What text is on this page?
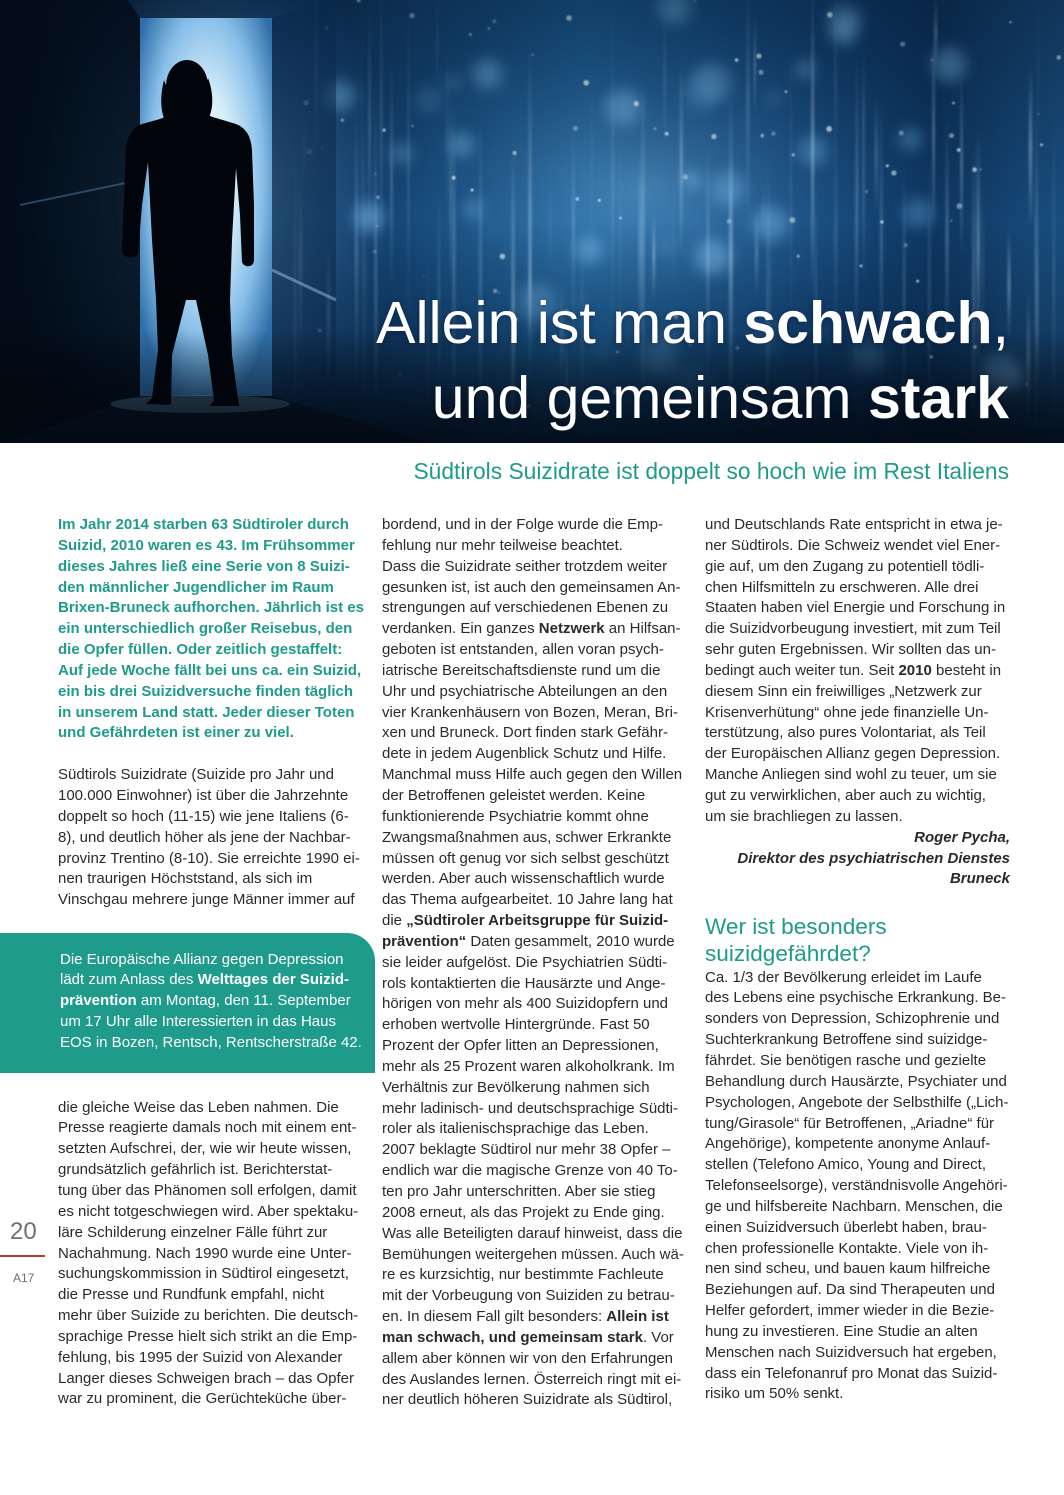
Allein ist man schwach,
und gemeinsam stark
Südtirols Suizidrate ist doppelt so hoch wie im Rest Italiens
Im Jahr 2014 starben 63 Südtiroler durch
Suizid, 2010 waren es 43. Im Frühsommer
dieses Jahres ließ eine Serie von 8 Suizi-
den männlicher Jugendlicher im Raum
Brixen-Bruneck aufhorchen. Jährlich ist es
ein unterschiedlich großer Reisebus, den
die Opfer füllen. Oder zeitlich gestaffelt:
Auf jede Woche fällt bei uns ca. ein Suizid,
ein bis drei Suizidversuche finden täglich
in unserem Land statt. Jeder dieser Toten
und Gefährdeten ist einer zu viel.
Südtirols Suizidrate (Suizide pro Jahr und
100.000 Einwohner) ist über die Jahrzehnte
doppelt so hoch (11-15) wie jene Italiens (6-
8), und deutlich höher als jene der Nachbar-
provinz Trentino (8-10). Sie erreichte 1990 ei-
nen traurigen Höchststand, als sich im
Vinschgau mehrere junge Männer immer auf
Die Europäische Allianz gegen Depression
lädt zum Anlass des Welttages der Suizid-
prävention am Montag, den 11. September
um 17 Uhr alle Interessierten in das Haus
EOS in Bozen, Rentsch, Rentscherstraße 42.
die gleiche Weise das Leben nahmen. Die
Presse reagierte damals noch mit einem ent-
setzten Aufschrei, der, wie wir heute wissen,
grundsätzlich gefährlich ist. Berichterstat-
tung über das Phänomen soll erfolgen, damit
es nicht totgeschwiegen wird. Aber spektaku-
läre Schilderung einzelner Fälle führt zur
Nachahmung. Nach 1990 wurde eine Unter-
suchungskommission in Südtirol eingesetzt,
die Presse und Rundfunk empfahl, nicht
mehr über Suizide zu berichten. Die deutsch-
sprachige Presse hielt sich strikt an die Emp-
fehlung, bis 1995 der Suizid von Alexander
Langer dieses Schweigen brach – das Opfer
war zu prominent, die Gerüchteküche über-
bordend, und in der Folge wurde die Emp-
fehlung nur mehr teilweise beachtet.
Dass die Suizidrate seither trotzdem weiter
gesunken ist, ist auch den gemeinsamen An-
strengungen auf verschiedenen Ebenen zu
verdanken. Ein ganzes Netzwerk an Hilfsan-
geboten ist entstanden, allen voran psych-
iatrische Bereitschaftsdienste rund um die
Uhr und psychiatrische Abteilungen an den
vier Krankenhäusern von Bozen, Meran, Bri-
xen und Bruneck. Dort finden stark Gefähr-
dete in jedem Augenblick Schutz und Hilfe.
Manchmal muss Hilfe auch gegen den Willen
der Betroffenen geleistet werden. Keine
funktionierende Psychiatrie kommt ohne
Zwangsmaßnahmen aus, schwer Erkrankte
müssen oft genug vor sich selbst geschützt
werden. Aber auch wissenschaftlich wurde
das Thema aufgearbeitet. 10 Jahre lang hat
die „Südtiroler Arbeitsgruppe für Suizid-
prävention“ Daten gesammelt, 2010 wurde
sie leider aufgelöst. Die Psychiatrien Südti-
rols kontaktierten die Hausärzte und Ange-
hörigen von mehr als 400 Suizidopfern und
erhoben wertvolle Hintergründe. Fast 50
Prozent der Opfer litten an Depressionen,
mehr als 25 Prozent waren alkoholkrank. Im
Verhältnis zur Bevölkerung nahmen sich
mehr ladinisch- und deutschsprachige Südti-
roler als italienischsprachige das Leben.
2007 beklagte Südtirol nur mehr 38 Opfer –
endlich war die magische Grenze von 40 To-
ten pro Jahr unterschritten. Aber sie stieg
2008 erneut, als das Projekt zu Ende ging.
Was alle Beteiligten darauf hinweist, dass die
Bemühungen weitergehen müssen. Auch wä-
re es kurzsichtig, nur bestimmte Fachleute
mit der Vorbeugung von Suiziden zu betrau-
en. In diesem Fall gilt besonders: Allein ist
man schwach, und gemeinsam stark. Vor
allem aber können wir von den Erfahrungen
des Auslandes lernen. Österreich ringt mit ei-
ner deutlich höheren Suizidrate als Südtirol,
und Deutschlands Rate entspricht in etwa je-
ner Südtirols. Die Schweiz wendet viel Ener-
gie auf, um den Zugang zu potentiell tödli-
chen Hilfsmitteln zu erschweren. Alle drei
Staaten haben viel Energie und Forschung in
die Suizidvorbeugung investiert, mit zum Teil
sehr guten Ergebnissen. Wir sollten das un-
bedingt auch weiter tun. Seit 2010 besteht in
diesem Sinn ein freiwilliges „Netzwerk zur
Krisenverhütung“ ohne jede finanzielle Un-
terstützung, also pures Volontariat, als Teil
der Europäischen Allianz gegen Depression.
Manche Anliegen sind wohl zu teuer, um sie
gut zu verwirklichen, aber auch zu wichtig,
um sie brachliegen zu lassen.
Roger Pycha,
Direktor des psychiatrischen Dienstes
Bruneck
Wer ist besonders
suizidgefährdet?
Ca. 1/3 der Bevölkerung erleidet im Laufe
des Lebens eine psychische Erkrankung. Be-
sonders von Depression, Schizophrenie und
Suchterkrankung Betroffene sind suizidge-
fährdet. Sie benötigen rasche und gezielte
Behandlung durch Hausärzte, Psychiater und
Psychologen, Angebote der Selbsthilfe („Lich-
tung/Girasole“ für Betroffenen, „Ariadne“ für
Angehörige), kompetente anonyme Anlauf-
stellen (Telefono Amico, Young and Direct,
Telefonseelsorge), verständnisvolle Angehöri-
ge und hilfsbereite Nachbarn. Menschen, die
einen Suizidversuch überlebt haben, brau-
chen professionelle Kontakte. Viele von ih-
nen sind scheu, und bauen kaum hilfreiche
Beziehungen auf. Da sind Therapeuten und
Helfer gefordert, immer wieder in die Bezie-
hung zu investieren. Eine Studie an alten
Menschen nach Suizidversuch hat ergeben,
dass ein Telefonanruf pro Monat das Suizid-
risiko um 50% senkt.
20
A17
